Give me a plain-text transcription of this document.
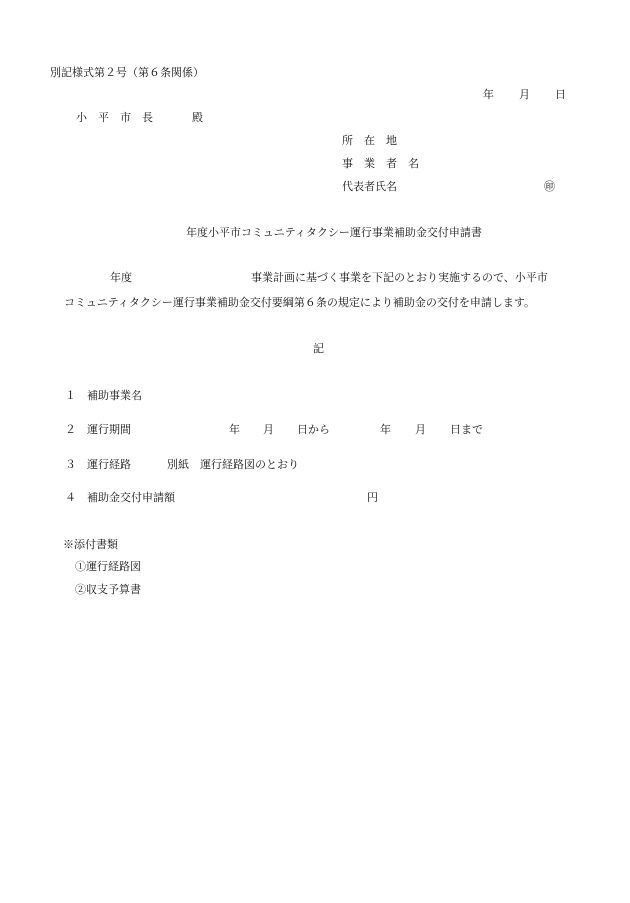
別記様式第２号（第６条関係）
年 月 日
小　平　市　長	殿
所　在　地
事　業　者　名
代表者氏名	㊞
年度小平市コミュニティタクシー運行事業補助金交付申請書
年度	事業計画に基づく事業を下記のとおり実施するので、小平市
コミュニティタクシー運行事業補助金交付要綱第６条の規定により補助金の交付を申請します。
記
１ 補助事業名
２ 運行期間	年 月 日から	年 月 日まで
３ 運行経路	別紙　運行経路図のとおり
４ 補助金交付申請額	円
※添付書類
①運行経路図
②収支予算書
